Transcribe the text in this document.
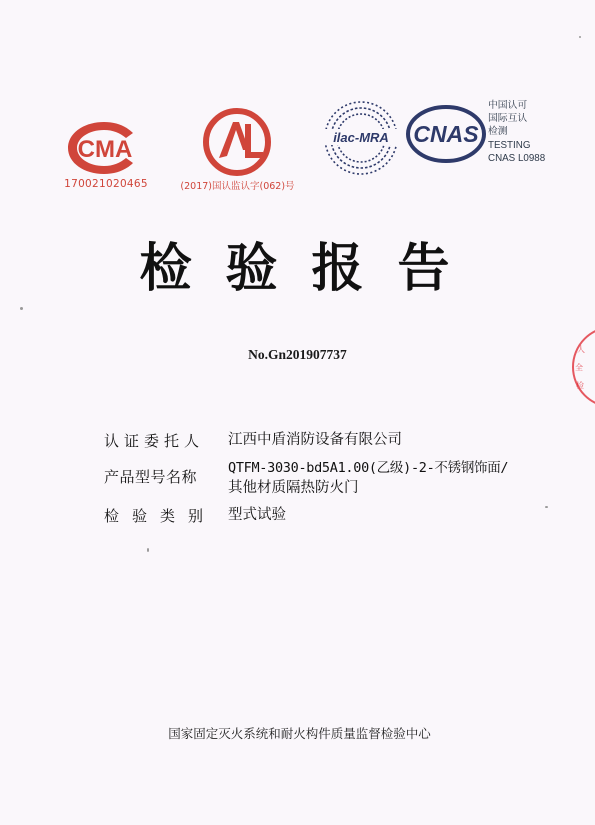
CMA
170021020465
CAL
(2017)国认监认字(062)号
ilac-MRA CNAS
中国认可
国际互认
检测
TESTING
CNAS L0988
检验报告
No.Gn201907737
认证委托人 江西中盾消防设备有限公司
产品型号名称 QTFM-3030-bd5A1.00(乙级)-2-不锈钢饰面/
其他材质隔热防火门
检验类别 型式试验
国家固定灭火系统和耐火构件质量监督检验中心
人
全
检
